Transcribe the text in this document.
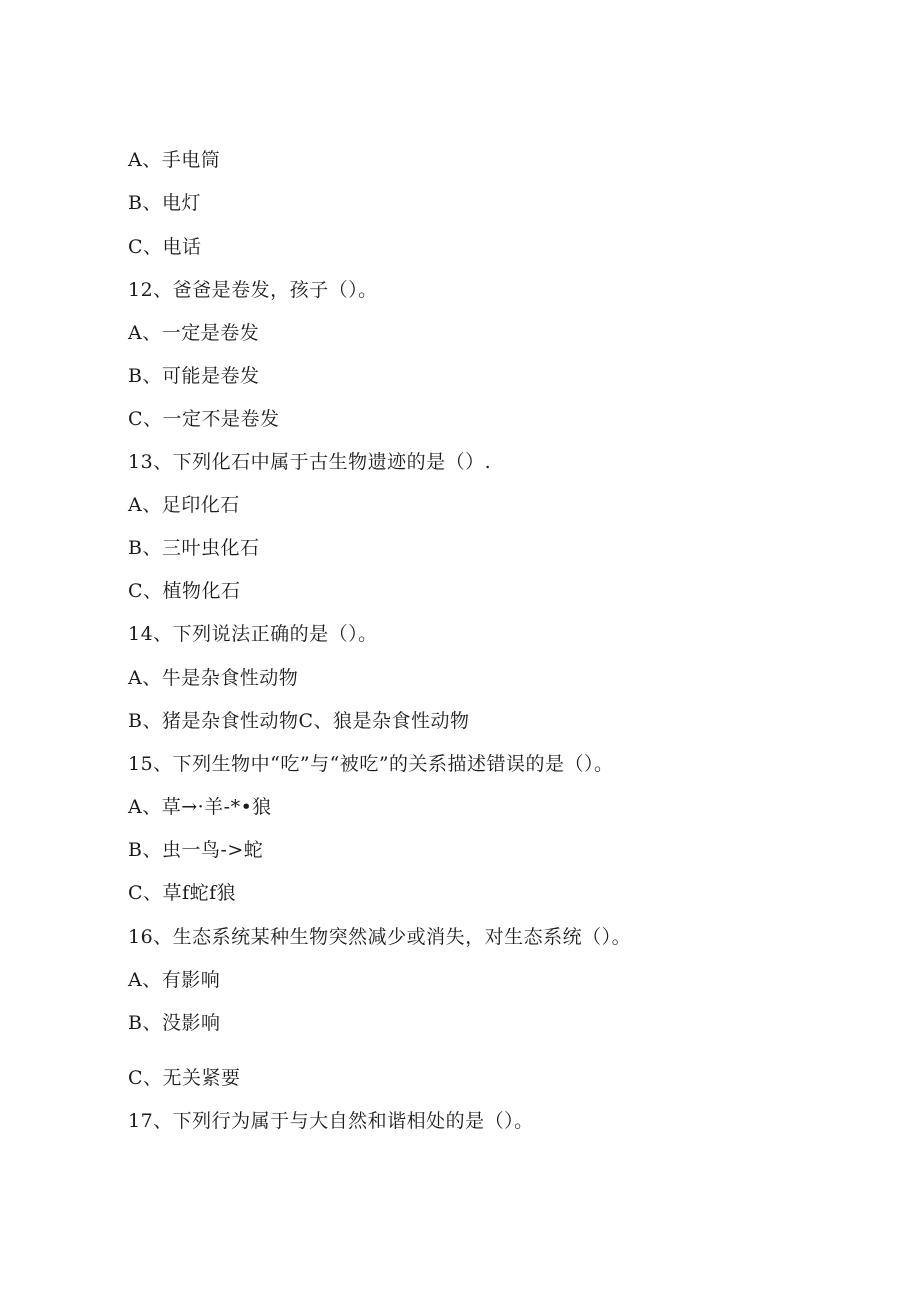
A、手电筒
B、电灯
C、电话
12、爸爸是卷发，孩子（）。
A、一定是卷发
B、可能是卷发
C、一定不是卷发
13、下列化石中属于古生物遗迹的是（）.
A、足印化石
B、三叶虫化石
C、植物化石
14、下列说法正确的是（）。
A、牛是杂食性动物
B、猪是杂食性动物C、狼是杂食性动物
15、下列生物中“吃”与“被吃”的关系描述错误的是（）。
A、草→·羊-*•狼
B、虫一鸟->蛇
C、草f蛇f狼
16、生态系统某种生物突然减少或消失，对生态系统（）。
A、有影响
B、没影响
C、无关紧要
17、下列行为属于与大自然和谐相处的是（）。
